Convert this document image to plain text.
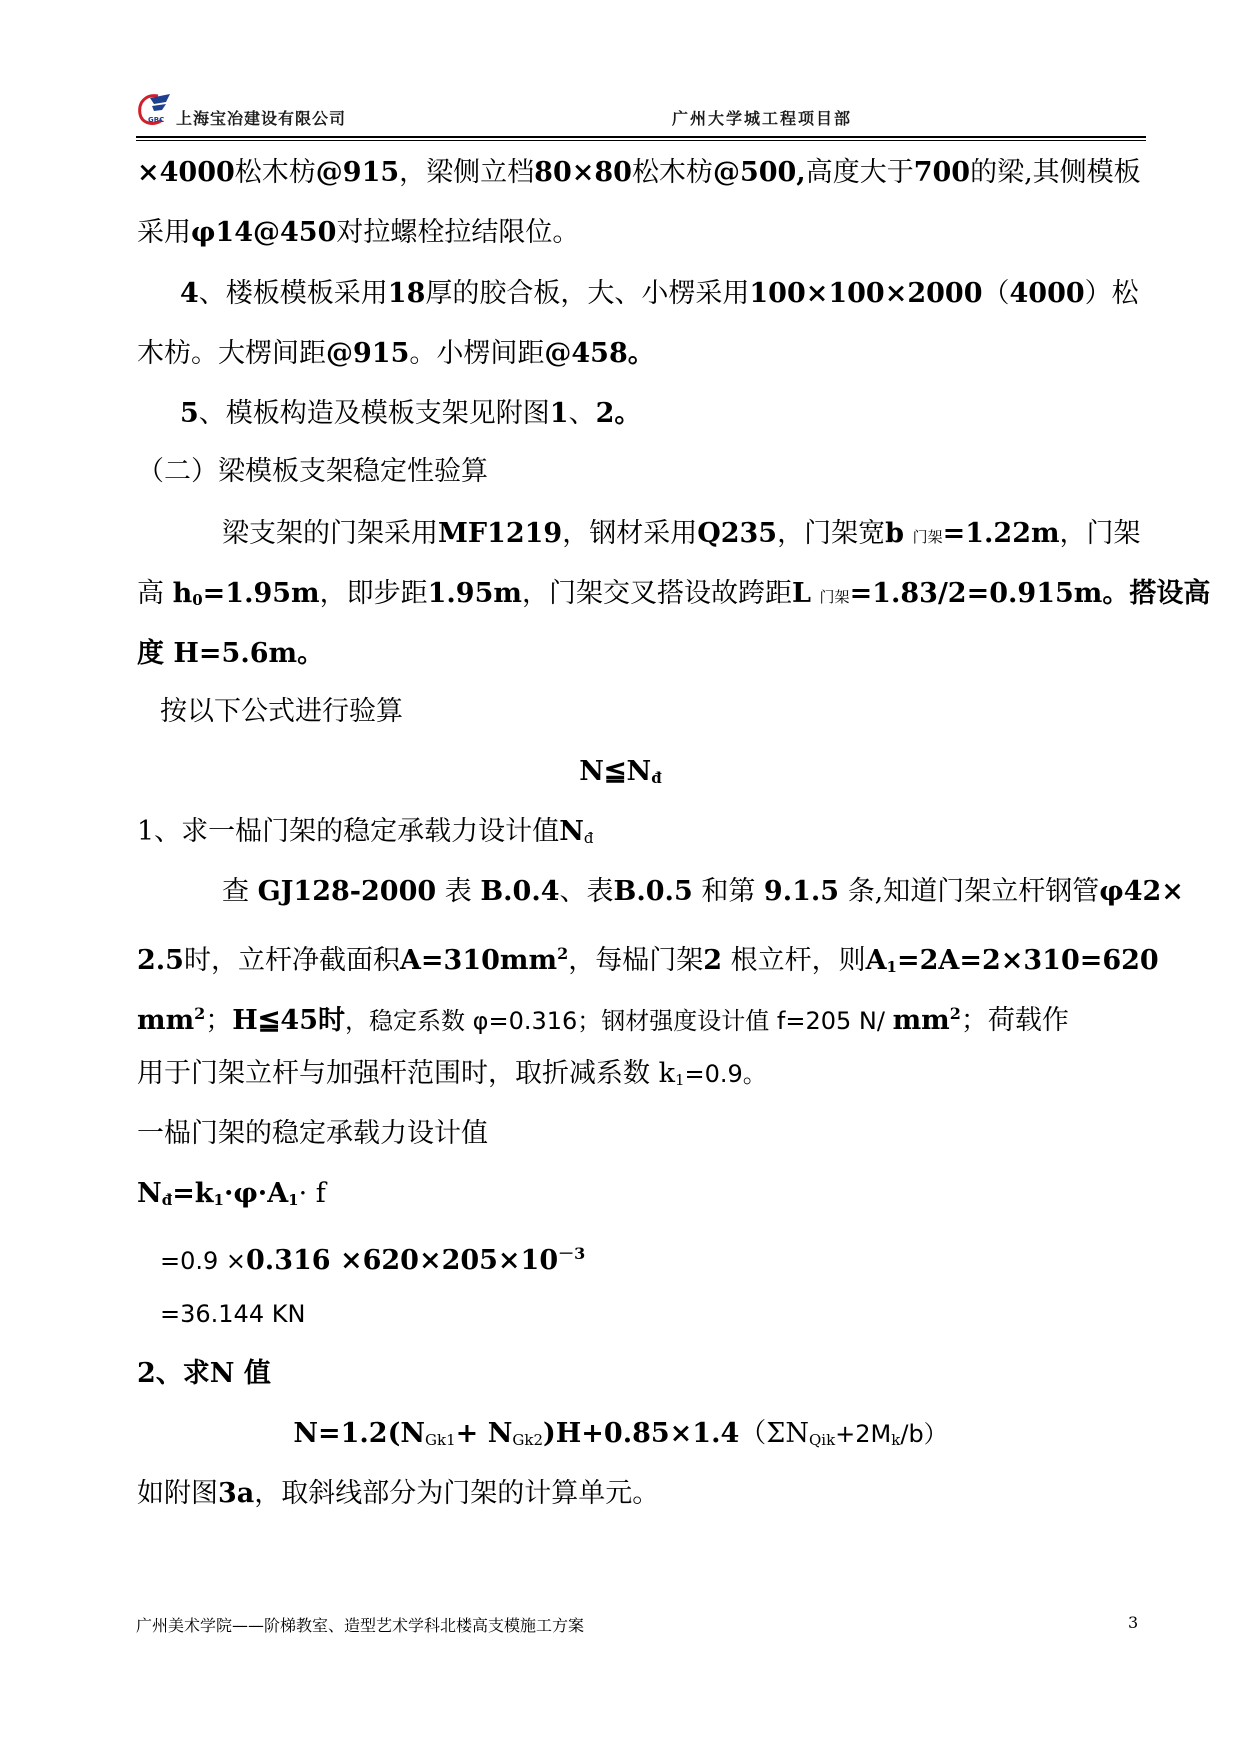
GBC 上海宝冶建设有限公司	广州大学城工程项目部
×4000松木枋@915，梁侧立档80×80松木枋@500,高度大于700的梁,其侧模板
采用φ14@450对拉螺栓拉结限位。
4、楼板模板采用18厚的胶合板，大、小楞采用100×100×2000（4000）松
木枋。大楞间距@915。小楞间距@458。
5、模板构造及模板支架见附图1、2。
（二）梁模板支架稳定性验算
梁支架的门架采用MF1219，钢材采用Q235，门架宽b 门架=1.22m，门架
高 $h_0=1.95m$，即步距1.95m，门架交叉搭设故跨距L 门架=1.83/2=0.915m。搭设高
度 H=5.6m。
按以下公式进行验算
$N≦N_đ$
1、求一榀门架的稳定承载力设计值$N_đ$
查 GJ128-2000 表 B.0.4、表B.0.5 和第 9.1.5 条,知道门架立杆钢管φ42×
2.5时，立杆净截面积$A=310mm^2$，每榀门架2 根立杆，则$A_1=2A=2\times 310=620$
$mm^2$；H≦45时，稳定系数 φ=0.316；钢材强度设计值 f=205 N/ $mm^2$；荷载作
用于门架立杆与加强杆范围时，取折减系数 $k_1=0.9$。
一榀门架的稳定承载力设计值
$N_đ=k_1\cdot\varphi\cdot A_1\cdot f$
$=0.9 \times 0.316 \times 620\times 205\times 10^{-3}$
=36.144 KN
2、求N 值
$N=1.2(N_{Gk1}+ N_{Gk2})H+0.85\times 1.4(\Sigma N_{Qik}+2M_k/b)$
如附图3a，取斜线部分为门架的计算单元。
广州美术学院——阶梯教室、造型艺术学科北楼高支模施工方案	3
